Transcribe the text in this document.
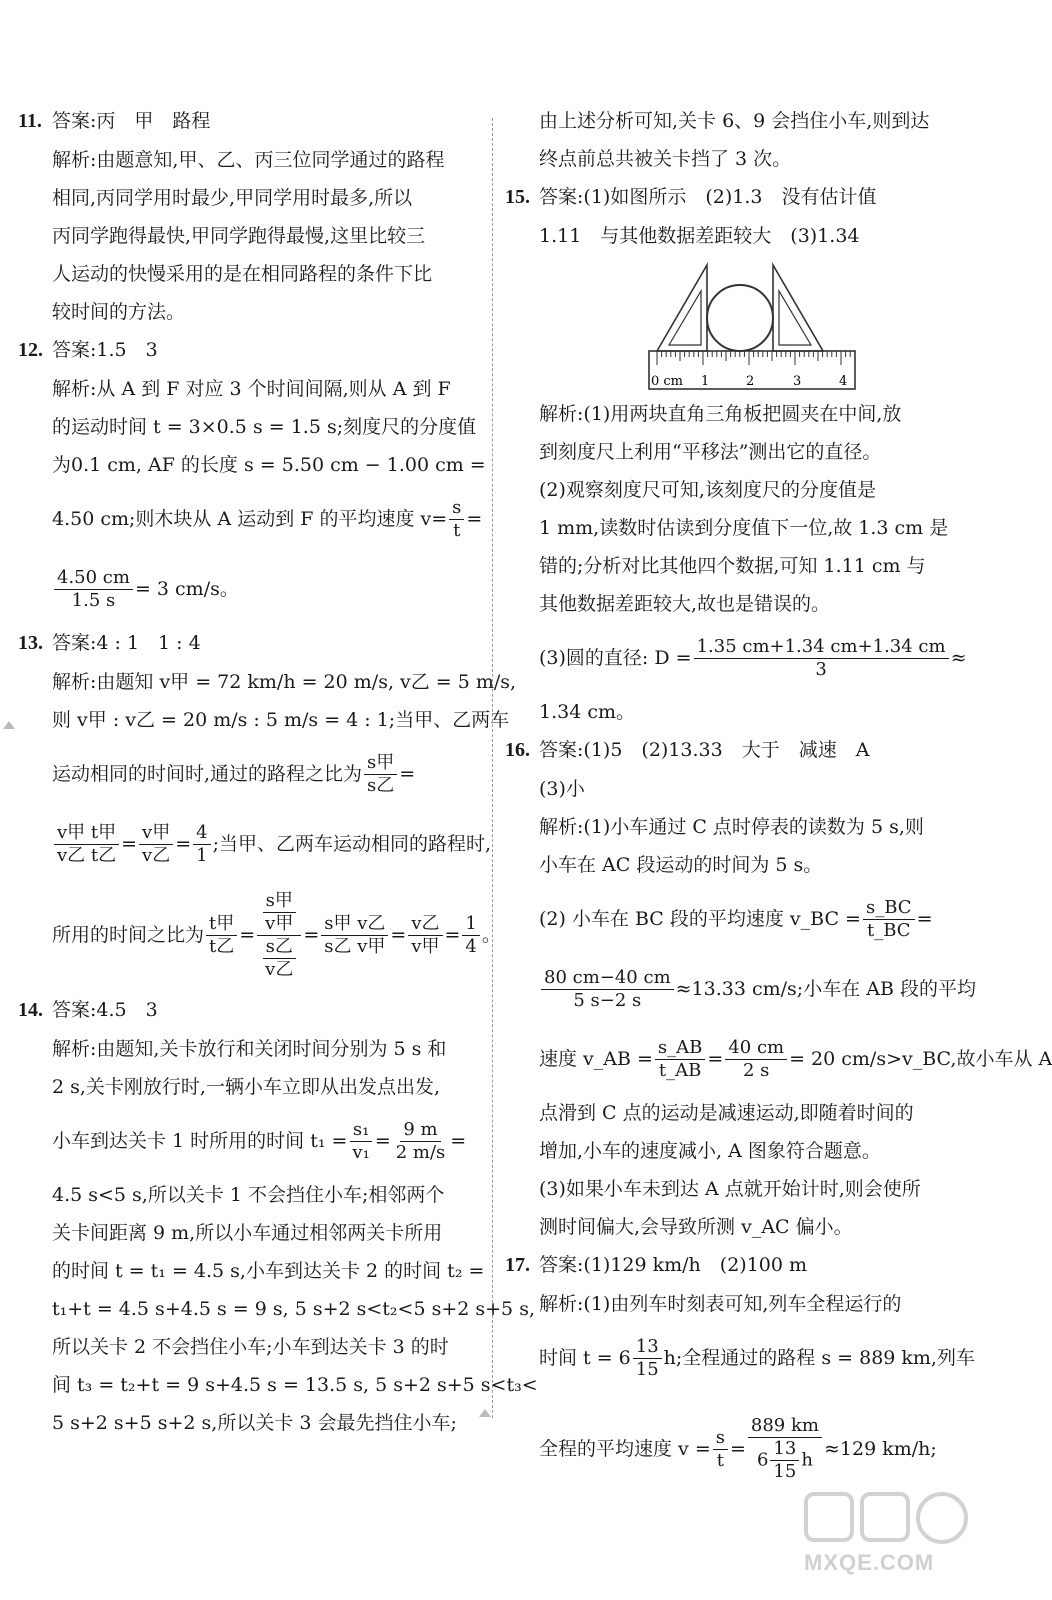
11. 答案:丙　甲　路程
解析:由题意知,甲、乙、丙三位同学通过的路程
相同,丙同学用时最少,甲同学用时最多,所以
丙同学跑得最快,甲同学跑得最慢,这里比较三
人运动的快慢采用的是在相同路程的条件下比
较时间的方法。
12. 答案:1.5　3
解析:从 A 到 F 对应 3 个时间间隔,则从 A 到 F
的运动时间 t = 3×0.5 s = 1.5 s;刻度尺的分度值
为0.1 cm, AF 的长度 s = 5.50 cm − 1.00 cm =
4.50 cm;则木块从 A 运动到 F 的平均速度 $v= \frac{s}{t}$ =
$\frac{4.50 cm}{1.5 s} = 3$ cm/s。
13. 答案:4 : 1　1 : 4
解析:由题知 v甲 = 72 km/h = 20 m/s, v乙 = 5 m/s,
则 v甲 : v乙 = 20 m/s : 5 m/s = 4 : 1;当甲、乙两车
运动相同的时间时,通过的路程之比为 $\frac{\text{s甲}}{\text{s乙}}$ =
$\frac{\text{v甲 t甲}}{\text{v乙 t乙}} = \frac{\text{v甲}}{\text{v乙}} = \frac{4}{1}$ ;当甲、乙两车运动相同的路程时,
所用的时间之比为 $\frac{\text{t甲}}{\text{t乙}} = \frac{\frac{\text{s甲}}{\text{v甲}}}{\frac{\text{s乙}}{\text{v乙}}} = \frac{\text{s甲 v乙}}{\text{s乙 v甲}} = \frac{\text{v乙}}{\text{v甲}} = \frac{1}{4}$ 。
14. 答案:4.5　3
解析:由题知,关卡放行和关闭时间分别为 5 s 和
2 s,关卡刚放行时,一辆小车立即从出发点出发,
小车到达关卡 1 时所用的时间 $t_1 = \frac{\text{s₁}}{\text{v₁}} = \frac{9 m}{2 m/s}$ =
4.5 s<5 s,所以关卡 1 不会挡住小车;相邻两个
关卡间距离 9 m,所以小车通过相邻两关卡所用
的时间 t = t₁ = 4.5 s,小车到达关卡 2 的时间 t₂ =
t₁+t = 4.5 s+4.5 s = 9 s, 5 s+2 s<t₂<5 s+2 s+5 s,
所以关卡 2 不会挡住小车;小车到达关卡 3 的时
间 t₃ = t₂+t = 9 s+4.5 s = 13.5 s, 5 s+2 s+5 s<t₃<
5 s+2 s+5 s+2 s,所以关卡 3 会最先挡住小车;
由上述分析可知,关卡 6、9 会挡住小车,则到达
终点前总共被关卡挡了 3 次。
15. 答案:(1)如图所示　(2)1.3　没有估计值
1.11　与其他数据差距较大　(3)1.34
0 cm 1	2	3	4
解析:(1)用两块直角三角板把圆夹在中间,放
到刻度尺上利用“平移法”测出它的直径。
(2)观察刻度尺可知,该刻度尺的分度值是
1 mm,读数时估读到分度值下一位,故 1.3 cm 是
错的;分析对比其他四个数据,可知 1.11 cm 与
其他数据差距较大,故也是错误的。
(3)圆的直径: $D = \frac{1.35 cm+1.34 cm+1.34 cm}{3}$ ≈
1.34 cm。
16. 答案:(1)5　(2)13.33　大于　减速　A
(3)小
解析:(1)小车通过 C 点时停表的读数为 5 s,则
小车在 AC 段运动的时间为 5 s。
(2) 小车在 BC 段的平均速度 v_BC = $\frac{s\_BC}{t\_BC}$ =
$\frac{80 cm-40 cm}{5 s-2 s} \approx 13.33$ cm/s;小车在 AB 段的平均
速度 v_AB = $\frac{s\_AB}{t\_AB} = \frac{40 cm}{2 s} = 20$ cm/s>v_BC,故小车从 A
点滑到 C 点的运动是减速运动,即随着时间的
增加,小车的速度减小, A 图象符合题意。
(3)如果小车未到达 A 点就开始计时,则会使所
测时间偏大,会导致所测 v_AC 偏小。
17. 答案:(1)129 km/h　(2)100 m
解析:(1)由列车时刻表可知,列车全程运行的
时间 $t = 6 \frac{13}{15} h$;全程通过的路程 s = 889 km,列车
全程的平均速度 $v = \frac{s}{t} = \frac{889 km}{6 \frac{13}{15} h} \approx 129$ km/h;
MXQE.COM
